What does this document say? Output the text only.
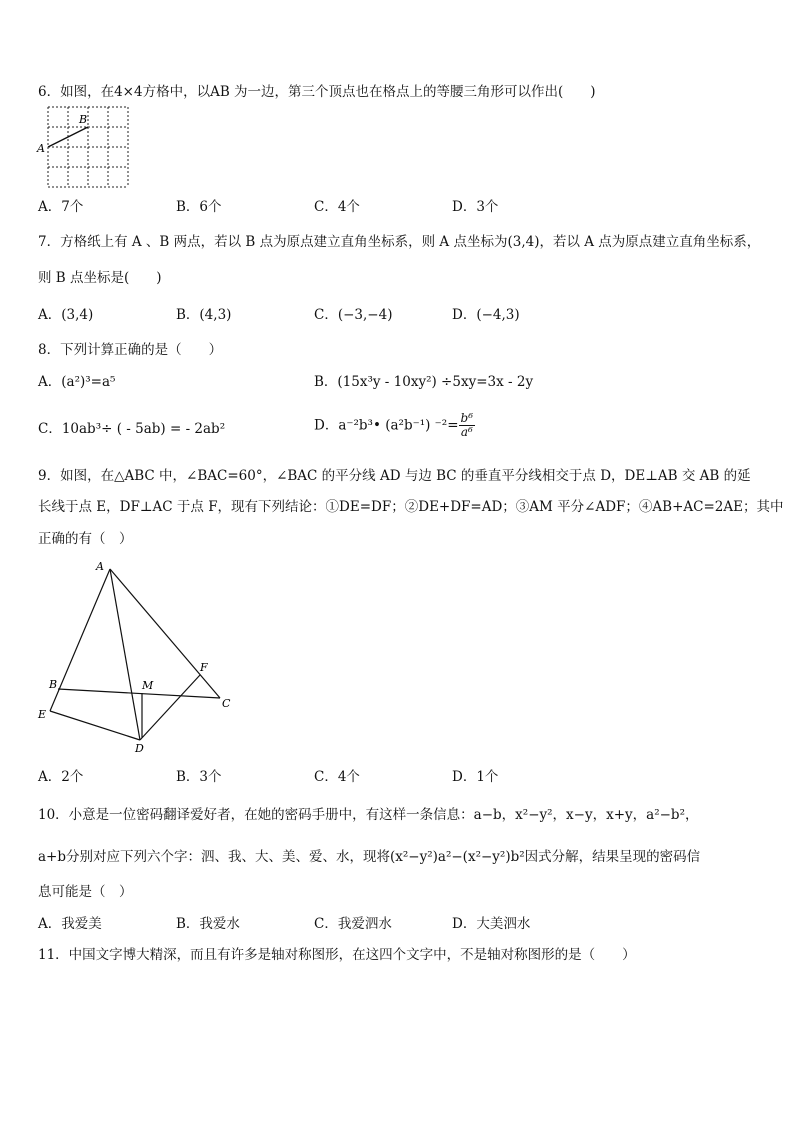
6．如图，在4×4方格中，以AB 为一边，第三个顶点也在格点上的等腰三角形可以作出(　　)
A
B
A．7个	B．6个	C．4个	D．3个
7．方格纸上有 A 、B 两点，若以 B 点为原点建立直角坐标系，则 A 点坐标为(3,4)，若以 A 点为原点建立直角坐标系，
则 B 点坐标是(　　)
A．(3,4)	B．(4,3)	C．(−3,−4)	D．(−4,3)
8．下列计算正确的是（　　）
A．(a²)³=a⁵	B．(15x³y - 10xy²) ÷5xy=3x - 2y
C．10ab³÷ ( - 5ab) = - 2ab²	D．a⁻²b³• (a²b⁻¹) $^{-2}= \frac{\text{b⁶}}{\text{a⁶}}$
9．如图，在△ABC 中，∠BAC=60°，∠BAC 的平分线 AD 与边 BC 的垂直平分线相交于点 D，DE⊥AB 交 AB 的延
长线于点 E，DF⊥AC 于点 F，现有下列结论：①DE=DF；②DE+DF=AD；③AM 平分∠ADF；④AB+AC=2AE；其中
正确的有（　）
A
B	M
F
C
E
D
A．2个	B．3个	C．4个	D．1个
10．小意是一位密码翻译爱好者，在她的密码手册中，有这样一条信息：a−b，x²−y²，x−y，x+y，a²−b²，
a+b分别对应下列六个字：泗、我、大、美、爱、水，现将(x²−y²)a²−(x²−y²)b²因式分解，结果呈现的密码信
息可能是（　）
A．我爱美	B．我爱水	C．我爱泗水	D．大美泗水
11．中国文字博大精深，而且有许多是轴对称图形，在这四个文字中，不是轴对称图形的是（　　）
